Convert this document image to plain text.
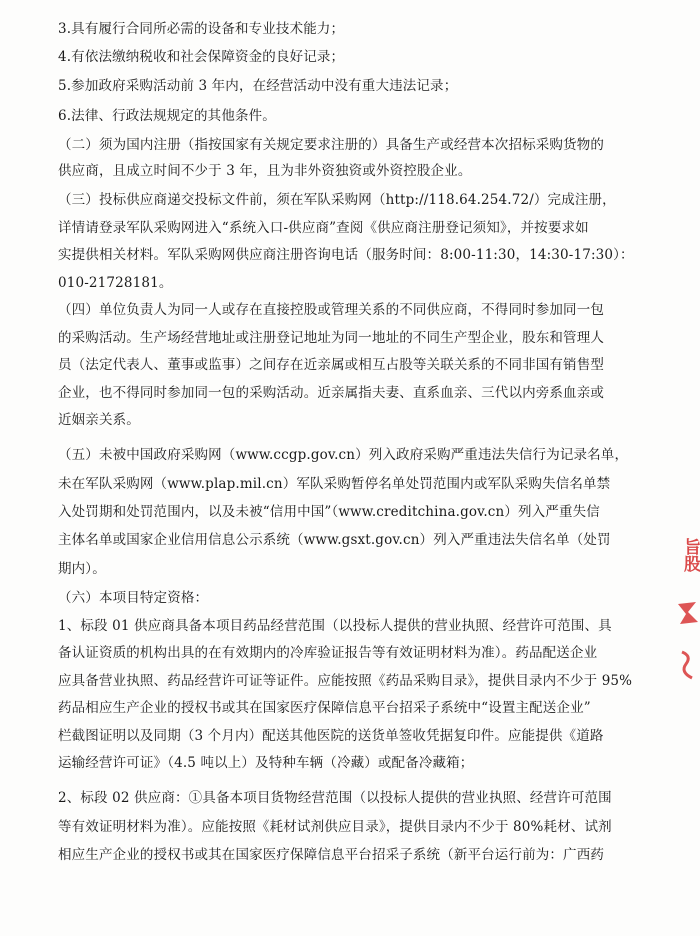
3.具有履行合同所必需的设备和专业技术能力；
4.有依法缴纳税收和社会保障资金的良好记录；
5.参加政府采购活动前 3 年内，在经营活动中没有重大违法记录；
6.法律、行政法规规定的其他条件。
（二）须为国内注册（指按国家有关规定要求注册的）具备生产或经营本次招标采购货物的
供应商，且成立时间不少于 3 年，且为非外资独资或外资控股企业。
（三）投标供应商递交投标文件前，须在军队采购网（http://118.64.254.72/）完成注册，
详情请登录军队采购网进入“系统入口-供应商”查阅《供应商注册登记须知》，并按要求如
实提供相关材料。军队采购网供应商注册咨询电话（服务时间：8:00-11:30，14:30-17:30）：
010-21728181。
（四）单位负责人为同一人或存在直接控股或管理关系的不同供应商，不得同时参加同一包
的采购活动。生产场经营地址或注册登记地址为同一地址的不同生产型企业，股东和管理人
员（法定代表人、董事或监事）之间存在近亲属或相互占股等关联关系的不同非国有销售型
企业，也不得同时参加同一包的采购活动。近亲属指夫妻、直系血亲、三代以内旁系血亲或
近姻亲关系。
（五）未被中国政府采购网（www.ccgp.gov.cn）列入政府采购严重违法失信行为记录名单，
未在军队采购网（www.plap.mil.cn）军队采购暂停名单处罚范围内或军队采购失信名单禁
入处罚期和处罚范围内，以及未被“信用中国”（www.creditchina.gov.cn）列入严重失信
主体名单或国家企业信用信息公示系统（www.gsxt.gov.cn）列入严重违法失信名单（处罚
期内）。
（六）本项目特定资格：
1、标段 01 供应商具备本项目药品经营范围（以投标人提供的营业执照、经营许可范围、具
备认证资质的机构出具的在有效期内的冷库验证报告等有效证明材料为准）。药品配送企业
应具备营业执照、药品经营许可证等证件。应能按照《药品采购目录》，提供目录内不少于 95%
药品相应生产企业的授权书或其在国家医疗保障信息平台招采子系统中“设置主配送企业”
栏截图证明以及同期（3 个月内）配送其他医院的送货单签收凭据复印件。应能提供《道路
运输经营许可证》（4.5 吨以上）及特种车辆（冷藏）或配备冷藏箱；
2、标段 02 供应商：①具备本项目货物经营范围（以投标人提供的营业执照、经营许可范围
等有效证明材料为准）。应能按照《耗材试剂供应目录》，提供目录内不少于 80%耗材、试剂
相应生产企业的授权书或其在国家医疗保障信息平台招采子系统（新平台运行前为：广西药
旨股
